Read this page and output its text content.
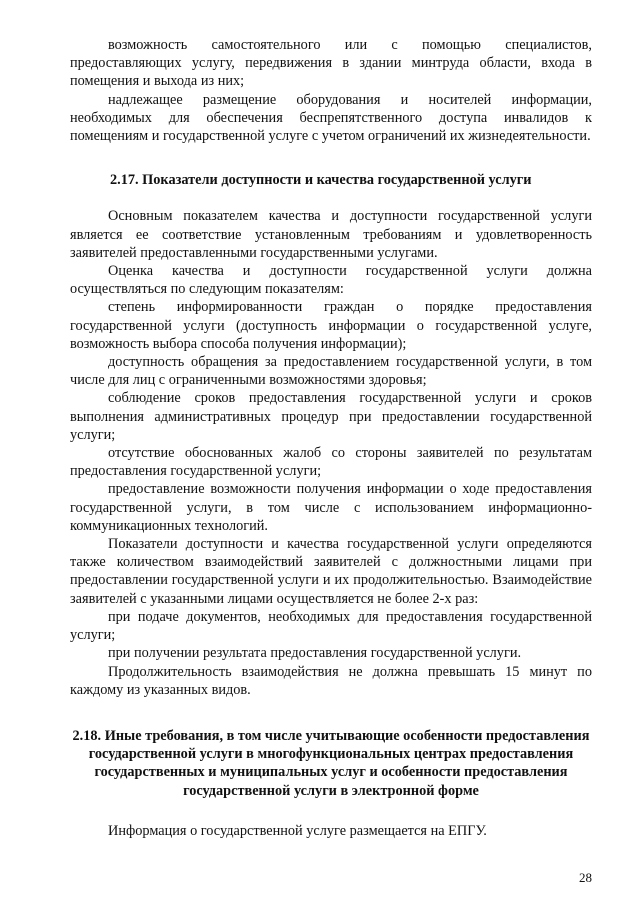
возможность самостоятельного или с помощью специалистов, предоставляющих услугу, передвижения в здании минтруда области, входа в помещения и выхода из них;

надлежащее размещение оборудования и носителей информации, необходимых для обеспечения беспрепятственного доступа инвалидов к помещениям и государственной услуге с учетом ограничений их жизнедеятельности.

2.17. Показатели доступности и качества государственной услуги

Основным показателем качества и доступности государственной услуги является ее соответствие установленным требованиям и удовлетворенность заявителей предоставленными государственными услугами.

Оценка качества и доступности государственной услуги должна осуществляться по следующим показателям:

степень информированности граждан о порядке предоставления государственной услуги (доступность информации о государственной услуге, возможность выбора способа получения информации);

доступность обращения за предоставлением государственной услуги, в том числе для лиц с ограниченными возможностями здоровья;

соблюдение сроков предоставления государственной услуги и сроков выполнения административных процедур при предоставлении государственной услуги;

отсутствие обоснованных жалоб со стороны заявителей по результатам предоставления государственной услуги;

предоставление возможности получения информации о ходе предоставления государственной услуги, в том числе с использованием информационно-коммуникационных технологий.

Показатели доступности и качества государственной услуги определяются также количеством взаимодействий заявителей с должностными лицами при предоставлении государственной услуги и их продолжительностью. Взаимодействие заявителей с указанными лицами осуществляется не более 2-х раз:

при подаче документов, необходимых для предоставления государственной услуги;

при получении результата предоставления государственной услуги.

Продолжительность взаимодействия не должна превышать 15 минут по каждому из указанных видов.

2.18. Иные требования, в том числе учитывающие особенности предоставления государственной услуги в многофункциональных центрах предоставления государственных и муниципальных услуг и особенности предоставления государственной услуги в электронной форме

Информация о государственной услуге размещается на ЕПГУ.

28
